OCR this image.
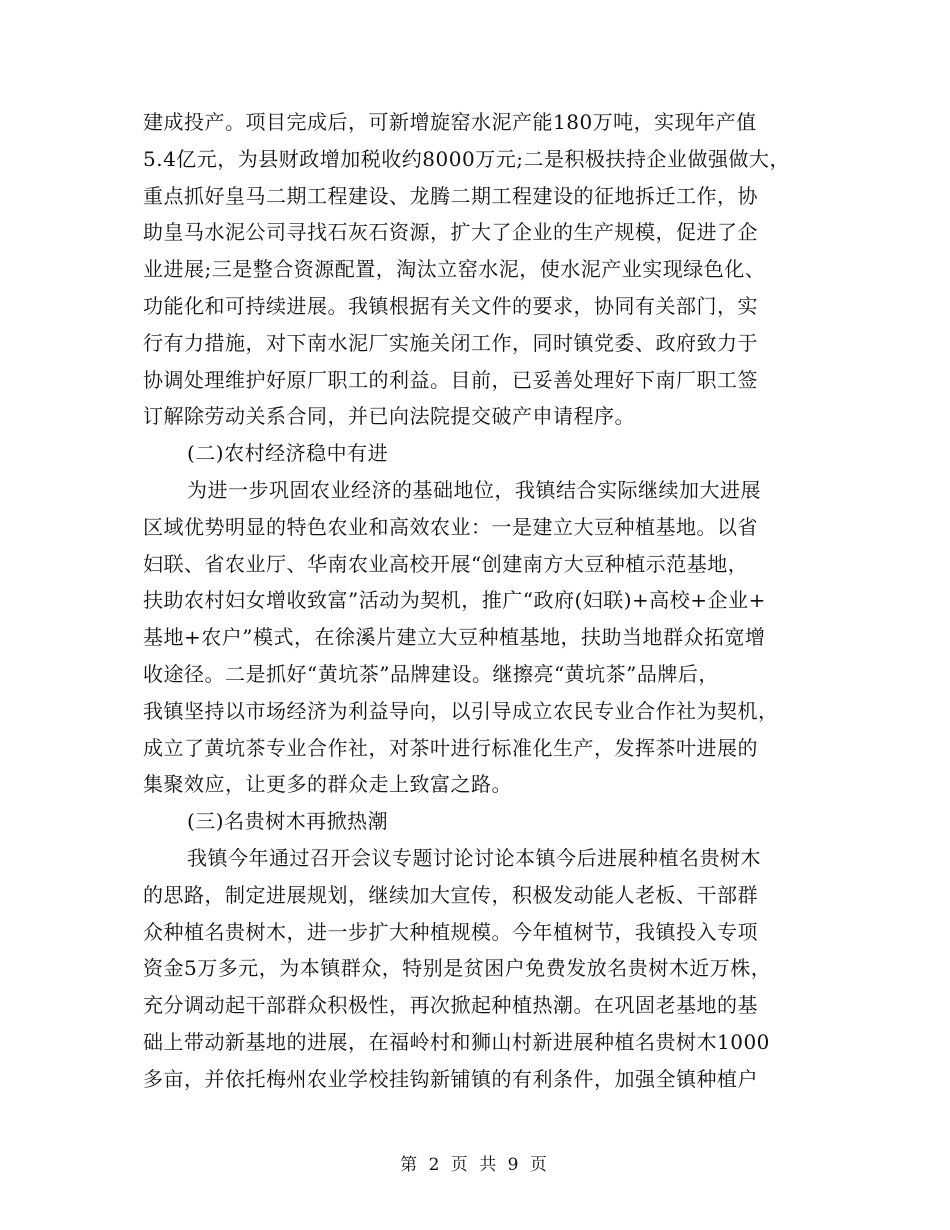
建成投产。项目完成后，可新增旋窑水泥产能180万吨，实现年产值
5.4亿元，为县财政增加税收约8000万元;二是积极扶持企业做强做大，
重点抓好皇马二期工程建设、龙腾二期工程建设的征地拆迁工作，协
助皇马水泥公司寻找石灰石资源，扩大了企业的生产规模，促进了企
业进展;三是整合资源配置，淘汰立窑水泥，使水泥产业实现绿色化、
功能化和可持续进展。我镇根据有关文件的要求，协同有关部门，实
行有力措施，对下南水泥厂实施关闭工作，同时镇党委、政府致力于
协调处理维护好原厂职工的利益。目前，已妥善处理好下南厂职工签
订解除劳动关系合同，并已向法院提交破产申请程序。
(二)农村经济稳中有进
为进一步巩固农业经济的基础地位，我镇结合实际继续加大进展
区域优势明显的特色农业和高效农业：一是建立大豆种植基地。以省
妇联、省农业厅、华南农业高校开展“创建南方大豆种植示范基地，
扶助农村妇女增收致富”活动为契机，推广“政府(妇联)+高校+企业+
基地+农户”模式，在徐溪片建立大豆种植基地，扶助当地群众拓宽增
收途径。二是抓好“黄坑茶”品牌建设。继擦亮“黄坑茶”品牌后，
我镇坚持以市场经济为利益导向，以引导成立农民专业合作社为契机，
成立了黄坑茶专业合作社，对茶叶进行标准化生产，发挥茶叶进展的
集聚效应，让更多的群众走上致富之路。
(三)名贵树木再掀热潮
我镇今年通过召开会议专题讨论讨论本镇今后进展种植名贵树木
的思路，制定进展规划，继续加大宣传，积极发动能人老板、干部群
众种植名贵树木，进一步扩大种植规模。今年植树节，我镇投入专项
资金5万多元，为本镇群众，特别是贫困户免费发放名贵树木近万株，
充分调动起干部群众积极性，再次掀起种植热潮。在巩固老基地的基
础上带动新基地的进展，在福岭村和狮山村新进展种植名贵树木1000
多亩，并依托梅州农业学校挂钩新铺镇的有利条件，加强全镇种植户
第 2 页 共 9 页
